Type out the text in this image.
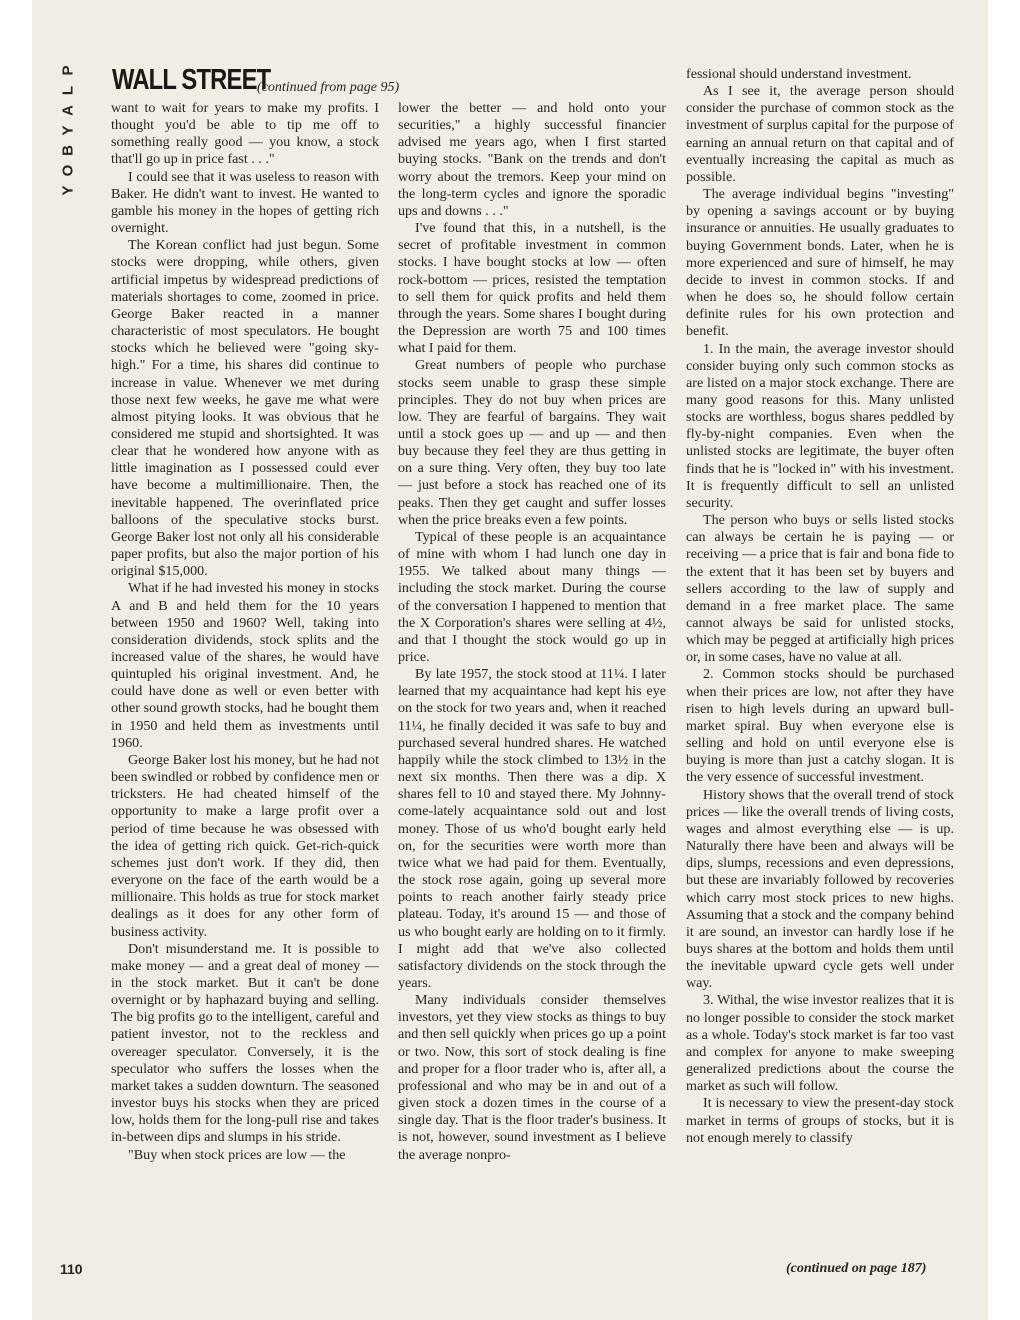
P
L
A
Y
B
O
Y
WALL STREET
(continued from page 95)

want to wait for years to make my profits. I thought you'd be able to tip me off to something really good — you know, a stock that'll go up in price fast . . ."

I could see that it was useless to reason with Baker. He didn't want to invest. He wanted to gamble his money in the hopes of getting rich overnight.

The Korean conflict had just begun. Some stocks were dropping, while others, given artificial impetus by widespread predictions of materials shortages to come, zoomed in price. George Baker reacted in a manner characteristic of most speculators. He bought stocks which he believed were "going sky-high." For a time, his shares did continue to increase in value. Whenever we met during those next few weeks, he gave me what were almost pitying looks. It was obvious that he considered me stupid and shortsighted. It was clear that he wondered how anyone with as little imagination as I possessed could ever have become a multimillionaire. Then, the inevitable happened. The overinflated price balloons of the speculative stocks burst. George Baker lost not only all his considerable paper profits, but also the major portion of his original $15,000.

What if he had invested his money in stocks A and B and held them for the 10 years between 1950 and 1960? Well, taking into consideration dividends, stock splits and the increased value of the shares, he would have quintupled his original investment. And, he could have done as well or even better with other sound growth stocks, had he bought them in 1950 and held them as investments until 1960.

George Baker lost his money, but he had not been swindled or robbed by confidence men or tricksters. He had cheated himself of the opportunity to make a large profit over a period of time because he was obsessed with the idea of getting rich quick. Get-rich-quick schemes just don't work. If they did, then everyone on the face of the earth would be a millionaire. This holds as true for stock market dealings as it does for any other form of business activity.

Don't misunderstand me. It is possible to make money — and a great deal of money — in the stock market. But it can't be done overnight or by haphazard buying and selling. The big profits go to the intelligent, careful and patient investor, not to the reckless and overeager speculator. Conversely, it is the speculator who suffers the losses when the market takes a sudden downturn. The seasoned investor buys his stocks when they are priced low, holds them for the long-pull rise and takes in-between dips and slumps in his stride.

"Buy when stock prices are low — the

lower the better — and hold onto your securities," a highly successful financier advised me years ago, when I first started buying stocks. "Bank on the trends and don't worry about the tremors. Keep your mind on the long-term cycles and ignore the sporadic ups and downs . . ."

I've found that this, in a nutshell, is the secret of profitable investment in common stocks. I have bought stocks at low — often rock-bottom — prices, resisted the temptation to sell them for quick profits and held them through the years. Some shares I bought during the Depression are worth 75 and 100 times what I paid for them.

Great numbers of people who purchase stocks seem unable to grasp these simple principles. They do not buy when prices are low. They are fearful of bargains. They wait until a stock goes up — and up — and then buy because they feel they are thus getting in on a sure thing. Very often, they buy too late — just before a stock has reached one of its peaks. Then they get caught and suffer losses when the price breaks even a few points.

Typical of these people is an acquaintance of mine with whom I had lunch one day in 1955. We talked about many things — including the stock market. During the course of the conversation I happened to mention that the X Corporation's shares were selling at 4½, and that I thought the stock would go up in price.

By late 1957, the stock stood at 11¼. I later learned that my acquaintance had kept his eye on the stock for two years and, when it reached 11¼, he finally decided it was safe to buy and purchased several hundred shares. He watched happily while the stock climbed to 13½ in the next six months. Then there was a dip. X shares fell to 10 and stayed there. My Johnny-come-lately acquaintance sold out and lost money. Those of us who'd bought early held on, for the securities were worth more than twice what we had paid for them. Eventually, the stock rose again, going up several more points to reach another fairly steady price plateau. Today, it's around 15 — and those of us who bought early are holding on to it firmly. I might add that we've also collected satisfactory dividends on the stock through the years.

Many individuals consider themselves investors, yet they view stocks as things to buy and then sell quickly when prices go up a point or two. Now, this sort of stock dealing is fine and proper for a floor trader who is, after all, a professional and who may be in and out of a given stock a dozen times in the course of a single day. That is the floor trader's business. It is not, however, sound investment as I believe the average nonpro-

fessional should understand investment.

As I see it, the average person should consider the purchase of common stock as the investment of surplus capital for the purpose of earning an annual return on that capital and of eventually increasing the capital as much as possible.

The average individual begins "investing" by opening a savings account or by buying insurance or annuities. He usually graduates to buying Government bonds. Later, when he is more experienced and sure of himself, he may decide to invest in common stocks. If and when he does so, he should follow certain definite rules for his own protection and benefit.

1. In the main, the average investor should consider buying only such common stocks as are listed on a major stock exchange. There are many good reasons for this. Many unlisted stocks are worthless, bogus shares peddled by fly-by-night companies. Even when the unlisted stocks are legitimate, the buyer often finds that he is "locked in" with his investment. It is frequently difficult to sell an unlisted security.

The person who buys or sells listed stocks can always be certain he is paying — or receiving — a price that is fair and bona fide to the extent that it has been set by buyers and sellers according to the law of supply and demand in a free market place. The same cannot always be said for unlisted stocks, which may be pegged at artificially high prices or, in some cases, have no value at all.

2. Common stocks should be purchased when their prices are low, not after they have risen to high levels during an upward bull-market spiral. Buy when everyone else is selling and hold on until everyone else is buying is more than just a catchy slogan. It is the very essence of successful investment.

History shows that the overall trend of stock prices — like the overall trends of living costs, wages and almost everything else — is up. Naturally there have been and always will be dips, slumps, recessions and even depressions, but these are invariably followed by recoveries which carry most stock prices to new highs. Assuming that a stock and the company behind it are sound, an investor can hardly lose if he buys shares at the bottom and holds them until the inevitable upward cycle gets well under way.

3. Withal, the wise investor realizes that it is no longer possible to consider the stock market as a whole. Today's stock market is far too vast and complex for anyone to make sweeping generalized predictions about the course the market as such will follow.

It is necessary to view the present-day stock market in terms of groups of stocks, but it is not enough merely to classify

(continued on page 187)
110
